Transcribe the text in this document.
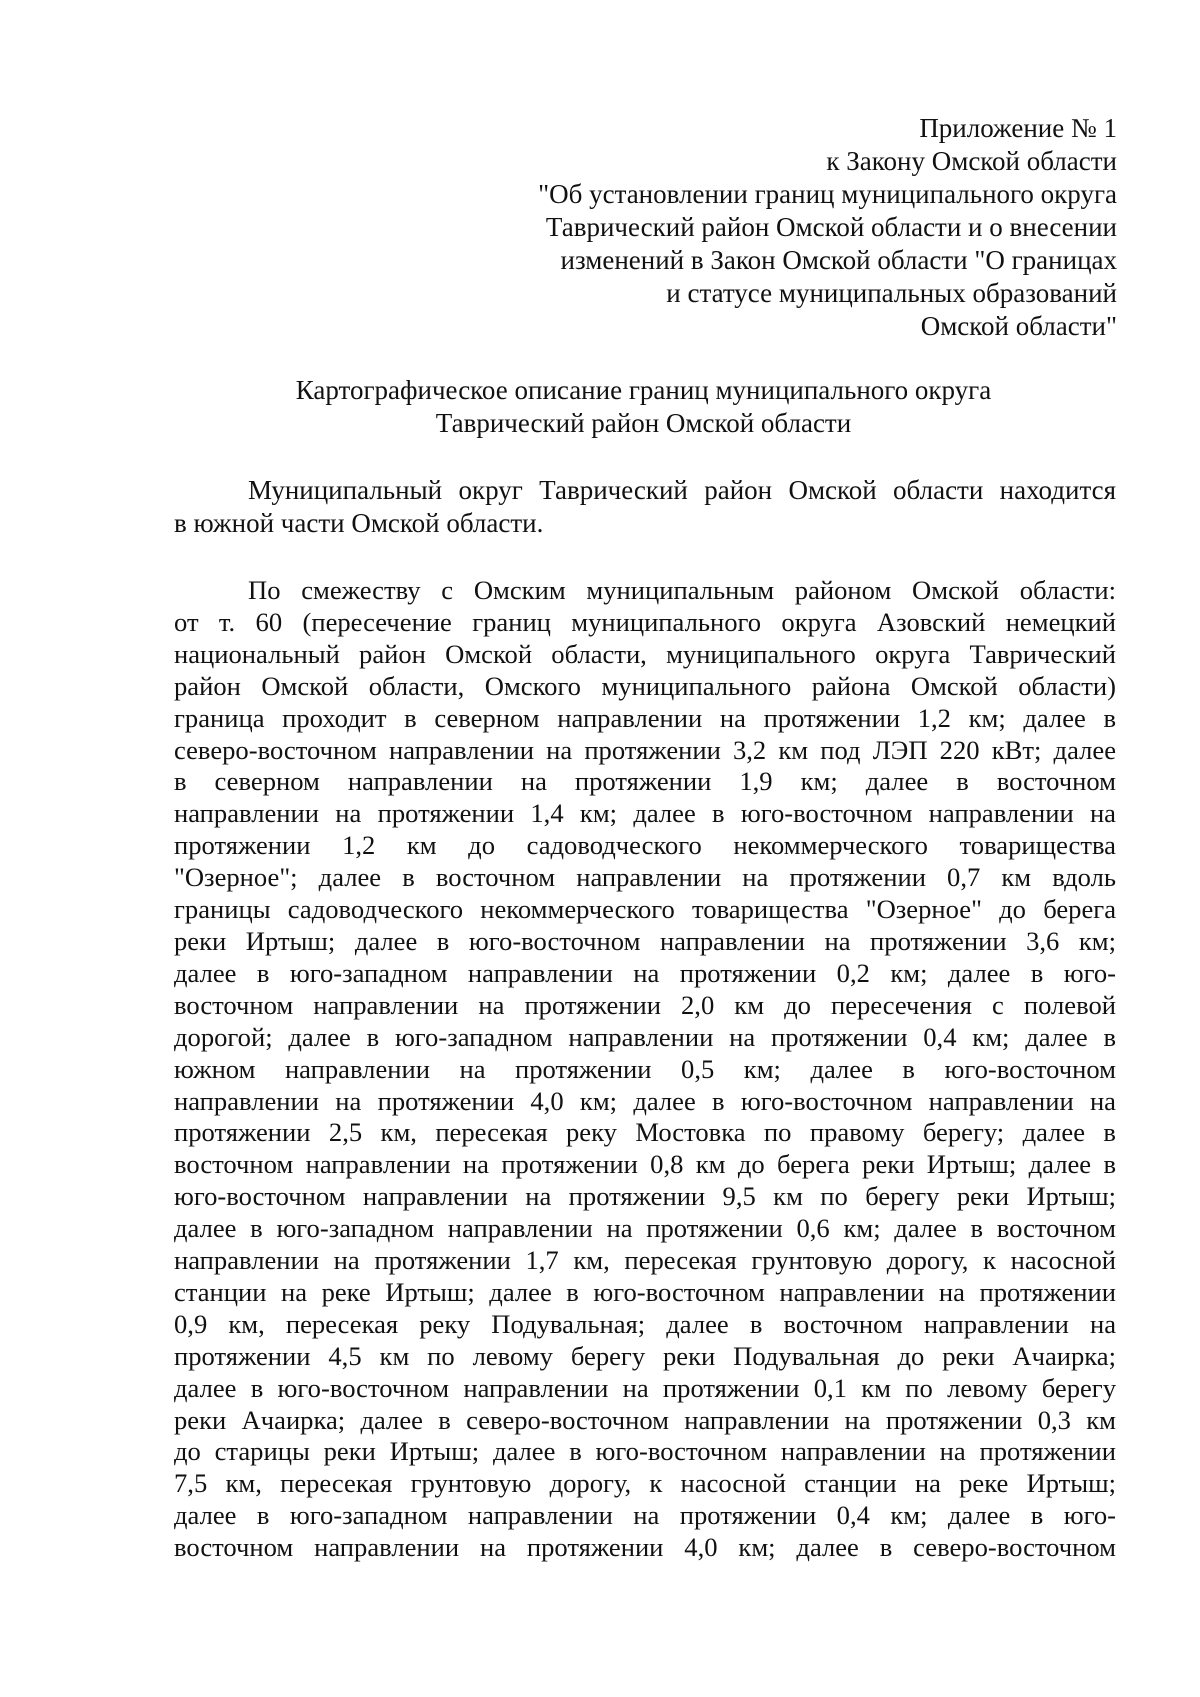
Приложение № 1
к Закону Омской области
"Об установлении границ муниципального округа
Таврический район Омской области и о внесении
изменений в Закон Омской области "О границах
и статусе муниципальных образований
Омской области"
Картографическое описание границ муниципального округа
Таврический район Омской области
Муниципальный округ Таврический район Омской области находится
в южной части Омской области.
По смежеству с Омским муниципальным районом Омской области:
от т. 60 (пересечение границ муниципального округа Азовский немецкий
национальный район Омской области, муниципального округа Таврический
район Омской области, Омского муниципального района Омской области)
граница проходит в северном направлении на протяжении 1,2 км; далее в
северо-восточном направлении на протяжении 3,2 км под ЛЭП 220 кВт; далее
в северном направлении на протяжении 1,9 км; далее в восточном
направлении на протяжении 1,4 км; далее в юго-восточном направлении на
протяжении 1,2 км до садоводческого некоммерческого товарищества
"Озерное"; далее в восточном направлении на протяжении 0,7 км вдоль
границы садоводческого некоммерческого товарищества "Озерное" до берега
реки Иртыш; далее в юго-восточном направлении на протяжении 3,6 км;
далее в юго-западном направлении на протяжении 0,2 км; далее в юго-
восточном направлении на протяжении 2,0 км до пересечения с полевой
дорогой; далее в юго-западном направлении на протяжении 0,4 км; далее в
южном направлении на протяжении 0,5 км; далее в юго-восточном
направлении на протяжении 4,0 км; далее в юго-восточном направлении на
протяжении 2,5 км, пересекая реку Мостовка по правому берегу; далее в
восточном направлении на протяжении 0,8 км до берега реки Иртыш; далее в
юго-восточном направлении на протяжении 9,5 км по берегу реки Иртыш;
далее в юго-западном направлении на протяжении 0,6 км; далее в восточном
направлении на протяжении 1,7 км, пересекая грунтовую дорогу, к насосной
станции на реке Иртыш; далее в юго-восточном направлении на протяжении
0,9 км, пересекая реку Подувальная; далее в восточном направлении на
протяжении 4,5 км по левому берегу реки Подувальная до реки Ачаирка;
далее в юго-восточном направлении на протяжении 0,1 км по левому берегу
реки Ачаирка; далее в северо-восточном направлении на протяжении 0,3 км
до старицы реки Иртыш; далее в юго-восточном направлении на протяжении
7,5 км, пересекая грунтовую дорогу, к насосной станции на реке Иртыш;
далее в юго-западном направлении на протяжении 0,4 км; далее в юго-
восточном направлении на протяжении 4,0 км; далее в северо-восточном
